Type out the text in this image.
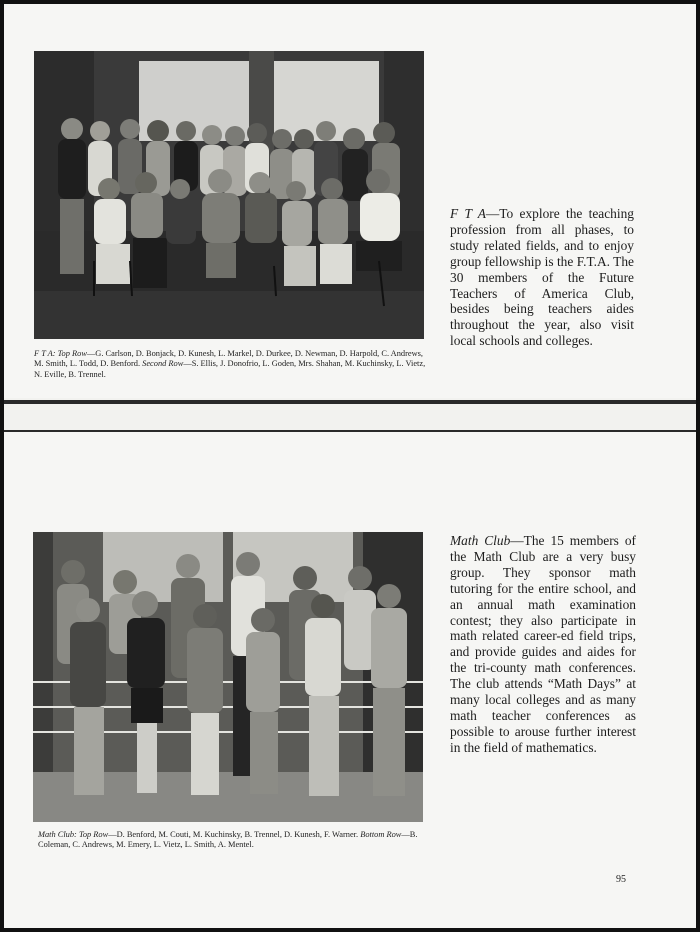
F T A: Top Row—G. Carlson, D. Bonjack, D. Kunesh, L. Markel, D. Durkee, D. Newman, D. Harpold, C. Andrews, M. Smith, L. Todd, D. Benford. Second Row—S. Ellis, J. Donofrio, L. Goden, Mrs. Shahan, M. Kuchinsky, L. Vietz, N. Eville, B. Trennel.
F T A—To explore the teaching profession from all phases, to study related fields, and to enjoy group fellowship is the F.T.A. The 30 members of the Future Teachers of America Club, besides being teachers aides throughout the year, also visit local schools and colleges.
Math Club: Top Row—D. Benford, M. Couti, M. Kuchinsky, B. Trennel, D. Kunesh, F. Warner. Bottom Row—B. Coleman, C. Andrews, M. Emery, L. Vietz, L. Smith, A. Mentel.
Math Club—The 15 members of the Math Club are a very busy group. They sponsor math tutoring for the entire school, and an annual math examination contest; they also participate in math related career-ed field trips, and provide guides and aides for the tri-county math conferences. The club attends “Math Days” at many local colleges and as many math teacher conferences as possible to arouse further interest in the field of mathematics.
95
